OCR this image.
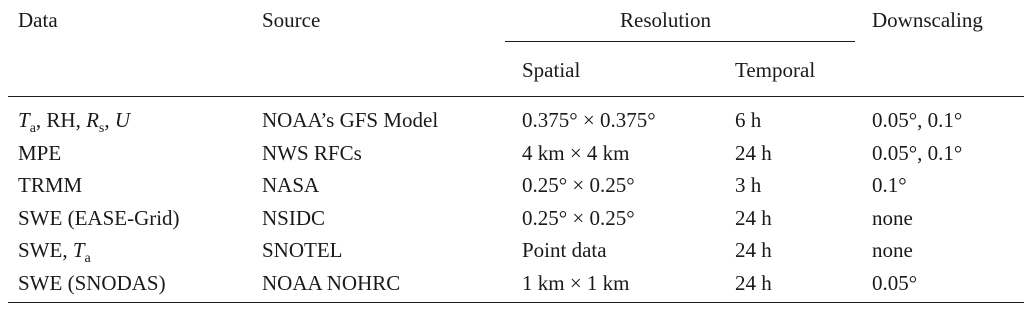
Data	Source	Resolution	Downscaling
Spatial	Temporal
$T_a$, RH, $R_s$, U	NOAA’s GFS Model	0.375° × 0.375°	6 h	0.05°, 0.1°
MPE	NWS RFCs	4 km × 4 km	24 h	0.05°, 0.1°
TRMM	NASA	0.25° × 0.25°	3 h	0.1°
SWE (EASE-Grid)	NSIDC	0.25° × 0.25°	24 h	none
SWE, $T_a$	SNOTEL	Point data	24 h	none
SWE (SNODAS)	NOAA NOHRC	1 km × 1 km	24 h	0.05°
